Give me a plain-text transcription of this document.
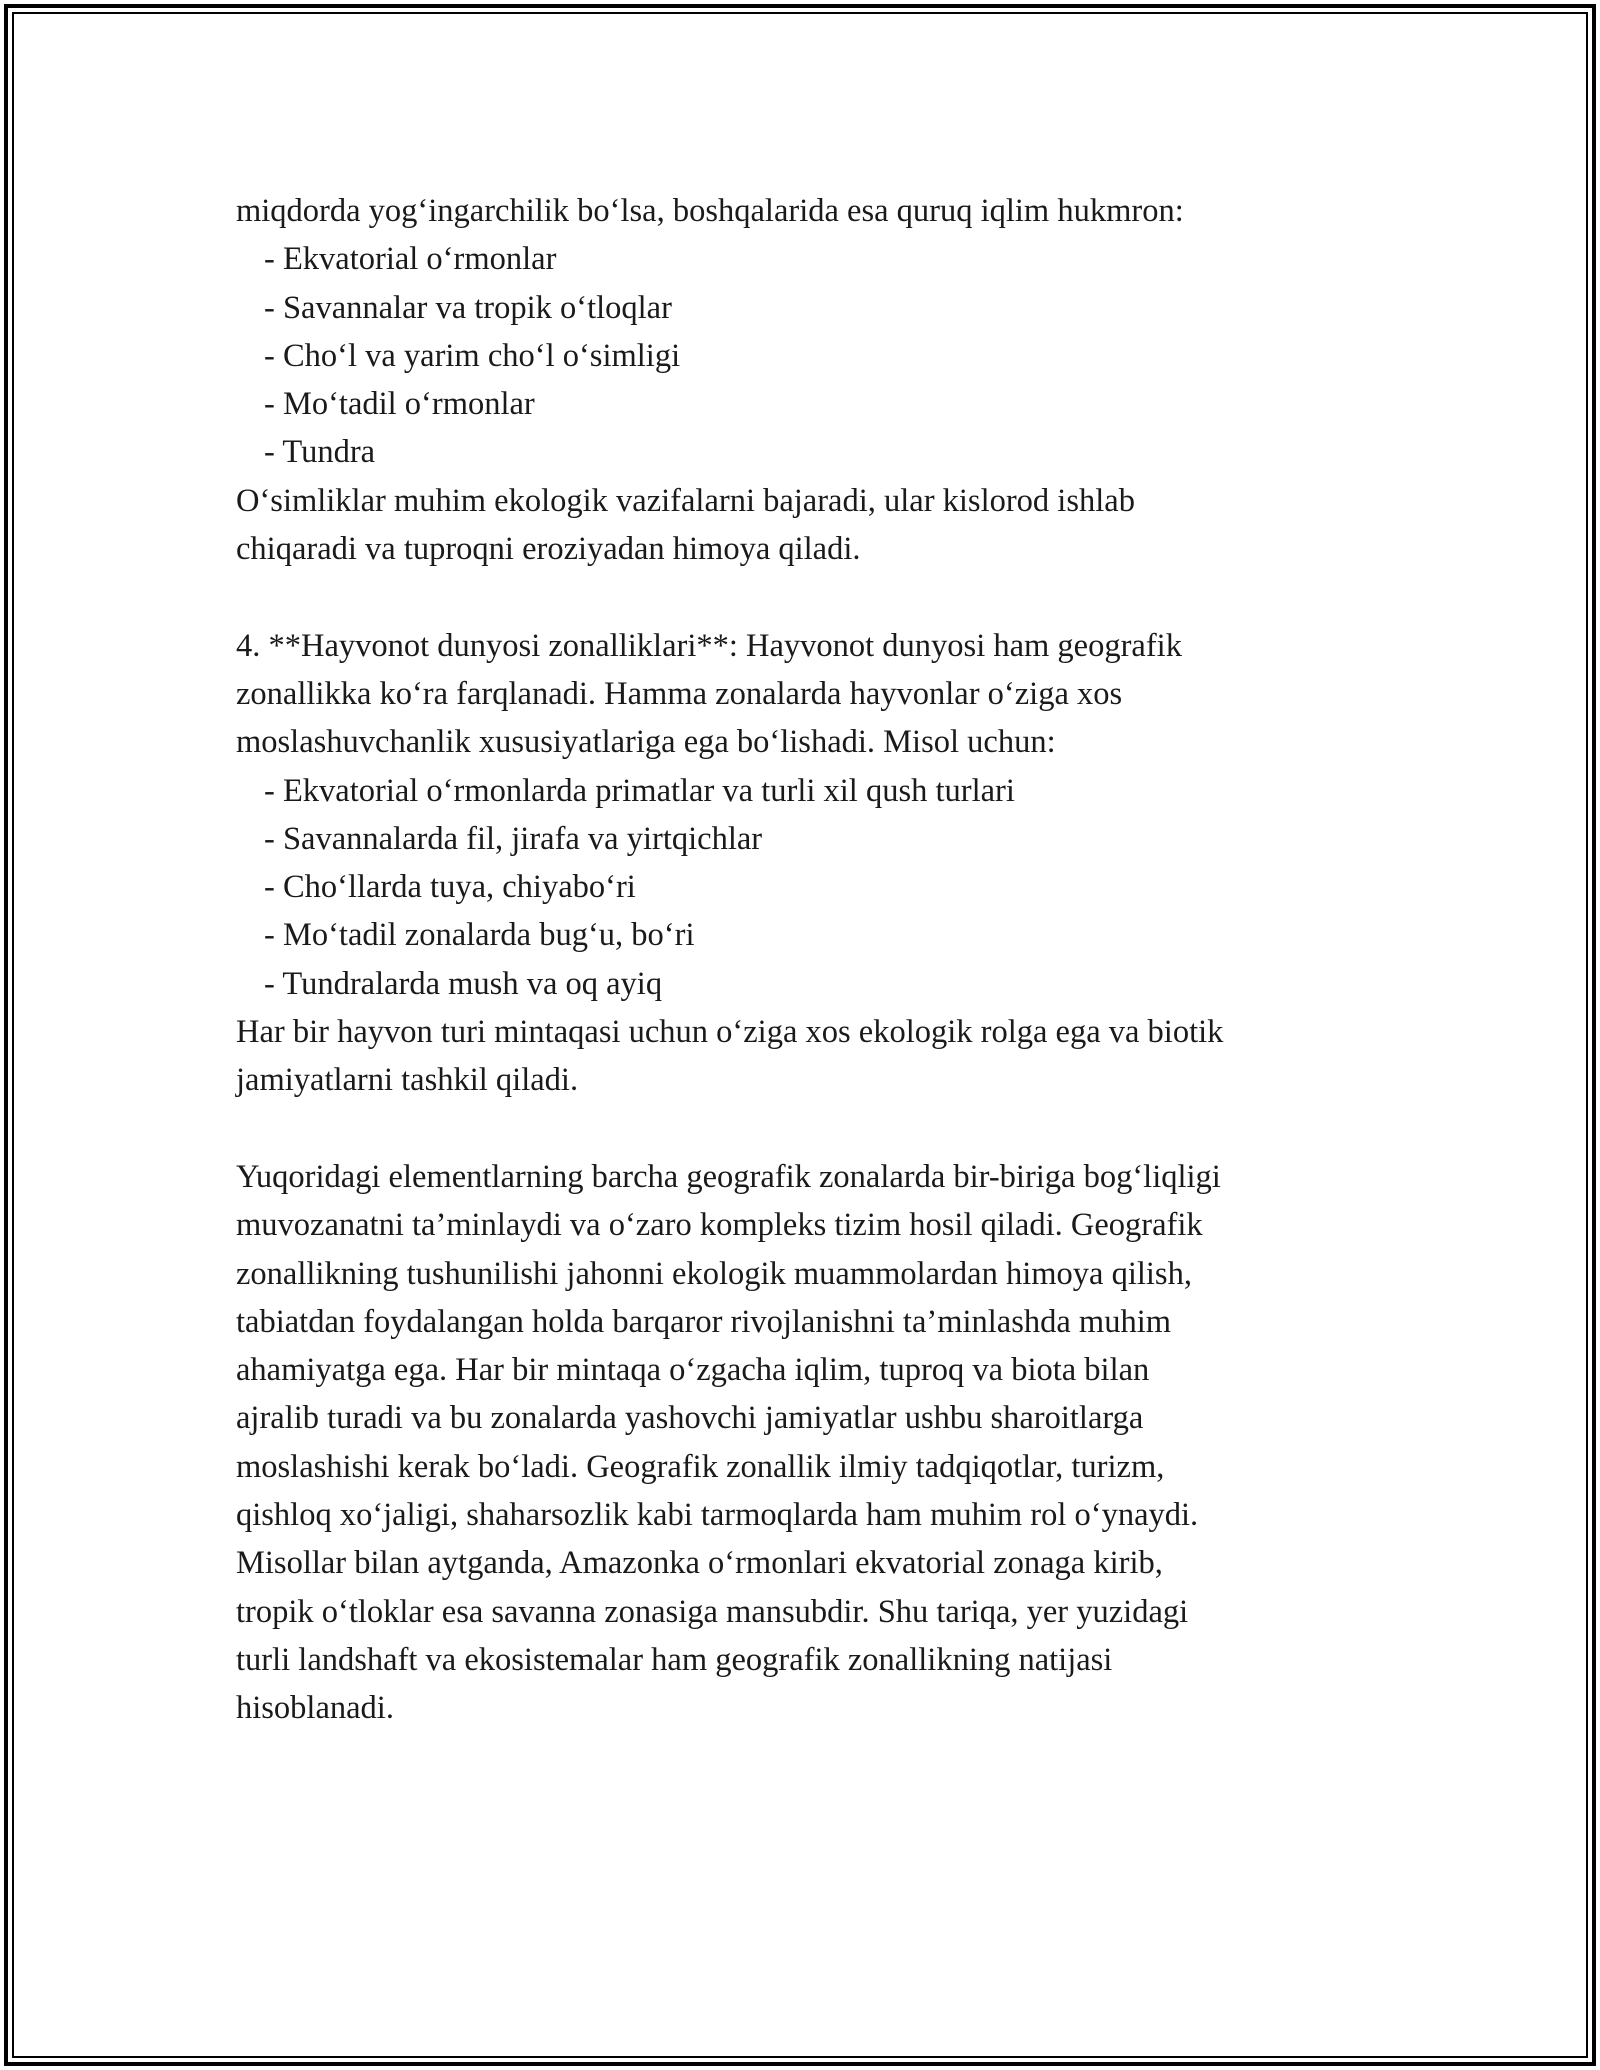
miqdorda yog‘ingarchilik bo‘lsa, boshqalarida esa quruq iqlim hukmron:
- Ekvatorial o‘rmonlar
- Savannalar va tropik o‘tloqlar
- Cho‘l va yarim cho‘l o‘simligi
- Mo‘tadil o‘rmonlar
- Tundra
O‘simliklar muhim ekologik vazifalarni bajaradi, ular kislorod ishlab
chiqaradi va tuproqni eroziyadan himoya qiladi.
4. **Hayvonot dunyosi zonalliklari**: Hayvonot dunyosi ham geografik
zonallikka ko‘ra farqlanadi. Hamma zonalarda hayvonlar o‘ziga xos
moslashuvchanlik xususiyatlariga ega bo‘lishadi. Misol uchun:
- Ekvatorial o‘rmonlarda primatlar va turli xil qush turlari
- Savannalarda fil, jirafa va yirtqichlar
- Cho‘llarda tuya, chiyabo‘ri
- Mo‘tadil zonalarda bug‘u, bo‘ri
- Tundralarda mush va oq ayiq
Har bir hayvon turi mintaqasi uchun o‘ziga xos ekologik rolga ega va biotik
jamiyatlarni tashkil qiladi.
Yuqoridagi elementlarning barcha geografik zonalarda bir-biriga bog‘liqligi
muvozanatni ta’minlaydi va o‘zaro kompleks tizim hosil qiladi. Geografik
zonallikning tushunilishi jahonni ekologik muammolardan himoya qilish,
tabiatdan foydalangan holda barqaror rivojlanishni ta’minlashda muhim
ahamiyatga ega. Har bir mintaqa o‘zgacha iqlim, tuproq va biota bilan
ajralib turadi va bu zonalarda yashovchi jamiyatlar ushbu sharoitlarga
moslashishi kerak bo‘ladi. Geografik zonallik ilmiy tadqiqotlar, turizm,
qishloq xo‘jaligi, shaharsozlik kabi tarmoqlarda ham muhim rol o‘ynaydi.
Misollar bilan aytganda, Amazonka o‘rmonlari ekvatorial zonaga kirib,
tropik o‘tloklar esa savanna zonasiga mansubdir. Shu tariqa, yer yuzidagi
turli landshaft va ekosistemalar ham geografik zonallikning natijasi
hisoblanadi.
